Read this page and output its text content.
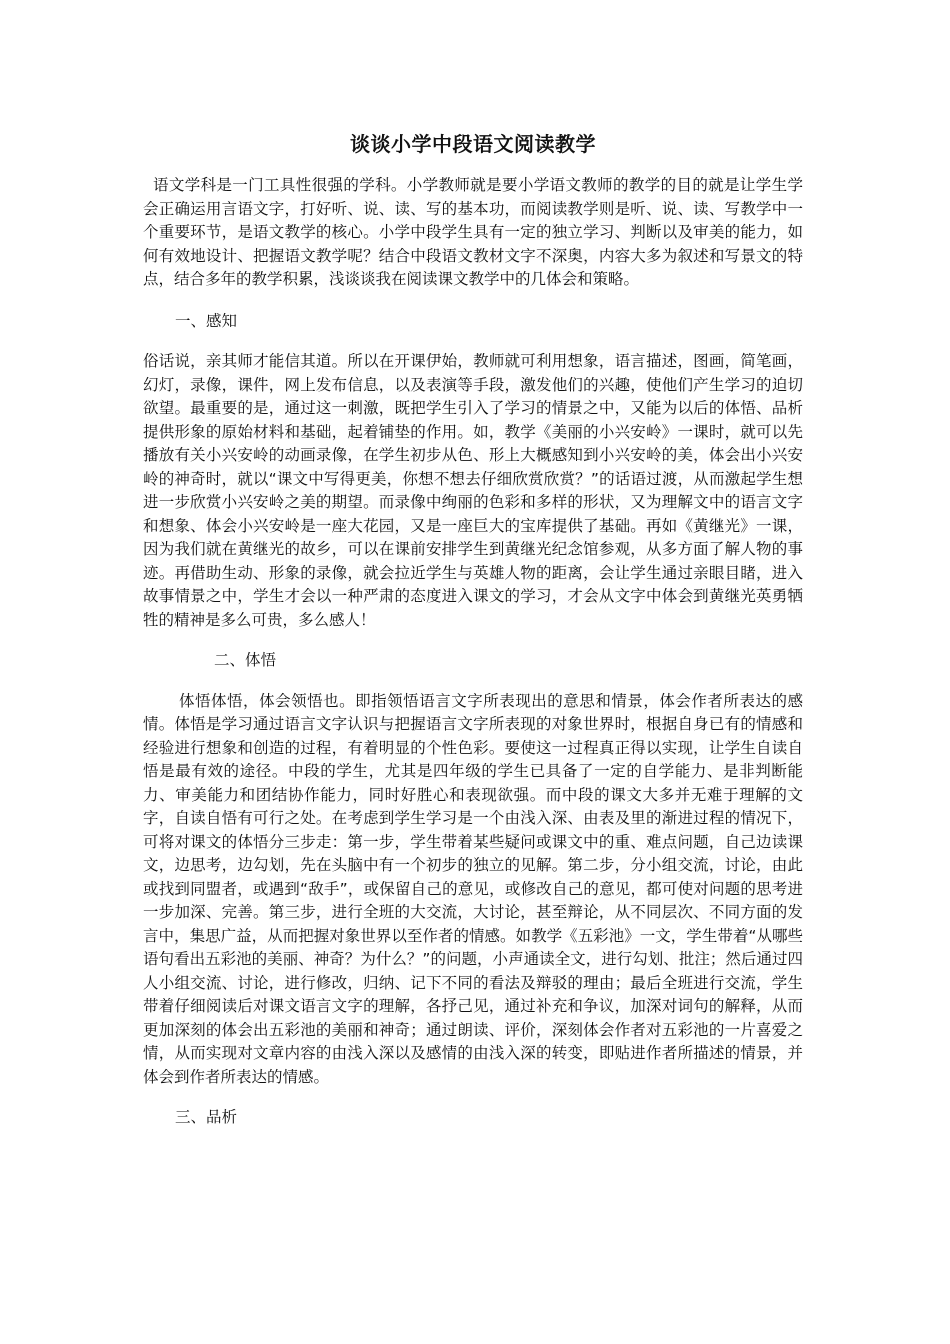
谈谈小学中段语文阅读教学

语文学科是一门工具性很强的学科。小学教师就是要小学语文教师的教学的目的就是让学生学会正确运用言语文字，打好听、说、读、写的基本功，而阅读教学则是听、说、读、写教学中一个重要环节，是语文教学的核心。小学中段学生具有一定的独立学习、判断以及审美的能力，如何有效地设计、把握语文教学呢？结合中段语文教材文字不深奥，内容大多为叙述和写景文的特点，结合多年的教学积累，浅谈谈我在阅读课文教学中的几体会和策略。

一、感知

俗话说，亲其师才能信其道。所以在开课伊始，教师就可利用想象，语言描述，图画，简笔画，幻灯，录像，课件，网上发布信息，以及表演等手段，激发他们的兴趣，使他们产生学习的迫切欲望。最重要的是，通过这一刺激，既把学生引入了学习的情景之中，又能为以后的体悟、品析提供形象的原始材料和基础，起着铺垫的作用。如，教学《美丽的小兴安岭》一课时，就可以先播放有关小兴安岭的动画录像，在学生初步从色、形上大概感知到小兴安岭的美，体会出小兴安岭的神奇时，就以“课文中写得更美，你想不想去仔细欣赏欣赏？”的话语过渡，从而激起学生想进一步欣赏小兴安岭之美的期望。而录像中绚丽的色彩和多样的形状，又为理解文中的语言文字和想象、体会小兴安岭是一座大花园，又是一座巨大的宝库提供了基础。再如《黄继光》一课，因为我们就在黄继光的故乡，可以在课前安排学生到黄继光纪念馆参观，从多方面了解人物的事迹。再借助生动、形象的录像，就会拉近学生与英雄人物的距离，会让学生通过亲眼目睹，进入故事情景之中，学生才会以一种严肃的态度进入课文的学习，才会从文字中体会到黄继光英勇牺牲的精神是多么可贵，多么感人！

二、体悟

体悟体悟，体会领悟也。即指领悟语言文字所表现出的意思和情景，体会作者所表达的感情。体悟是学习通过语言文字认识与把握语言文字所表现的对象世界时，根据自身已有的情感和经验进行想象和创造的过程，有着明显的个性色彩。要使这一过程真正得以实现，让学生自读自悟是最有效的途径。中段的学生，尤其是四年级的学生已具备了一定的自学能力、是非判断能力、审美能力和团结协作能力，同时好胜心和表现欲强。而中段的课文大多并无难于理解的文字，自读自悟有可行之处。在考虑到学生学习是一个由浅入深、由表及里的渐进过程的情况下，可将对课文的体悟分三步走：第一步，学生带着某些疑问或课文中的重、难点问题，自己边读课文，边思考，边勾划，先在头脑中有一个初步的独立的见解。第二步，分小组交流，讨论，由此或找到同盟者，或遇到“敌手”，或保留自己的意见，或修改自己的意见，都可使对问题的思考进一步加深、完善。第三步，进行全班的大交流，大讨论，甚至辩论，从不同层次、不同方面的发言中，集思广益，从而把握对象世界以至作者的情感。如教学《五彩池》一文，学生带着“从哪些语句看出五彩池的美丽、神奇？为什么？”的问题，小声通读全文，进行勾划、批注；然后通过四人小组交流、讨论，进行修改，归纳、记下不同的看法及辩驳的理由；最后全班进行交流，学生带着仔细阅读后对课文语言文字的理解，各抒己见，通过补充和争议，加深对词句的解释，从而更加深刻的体会出五彩池的美丽和神奇；通过朗读、评价，深刻体会作者对五彩池的一片喜爱之情，从而实现对文章内容的由浅入深以及感情的由浅入深的转变，即贴进作者所描述的情景，并体会到作者所表达的情感。

三、品析
